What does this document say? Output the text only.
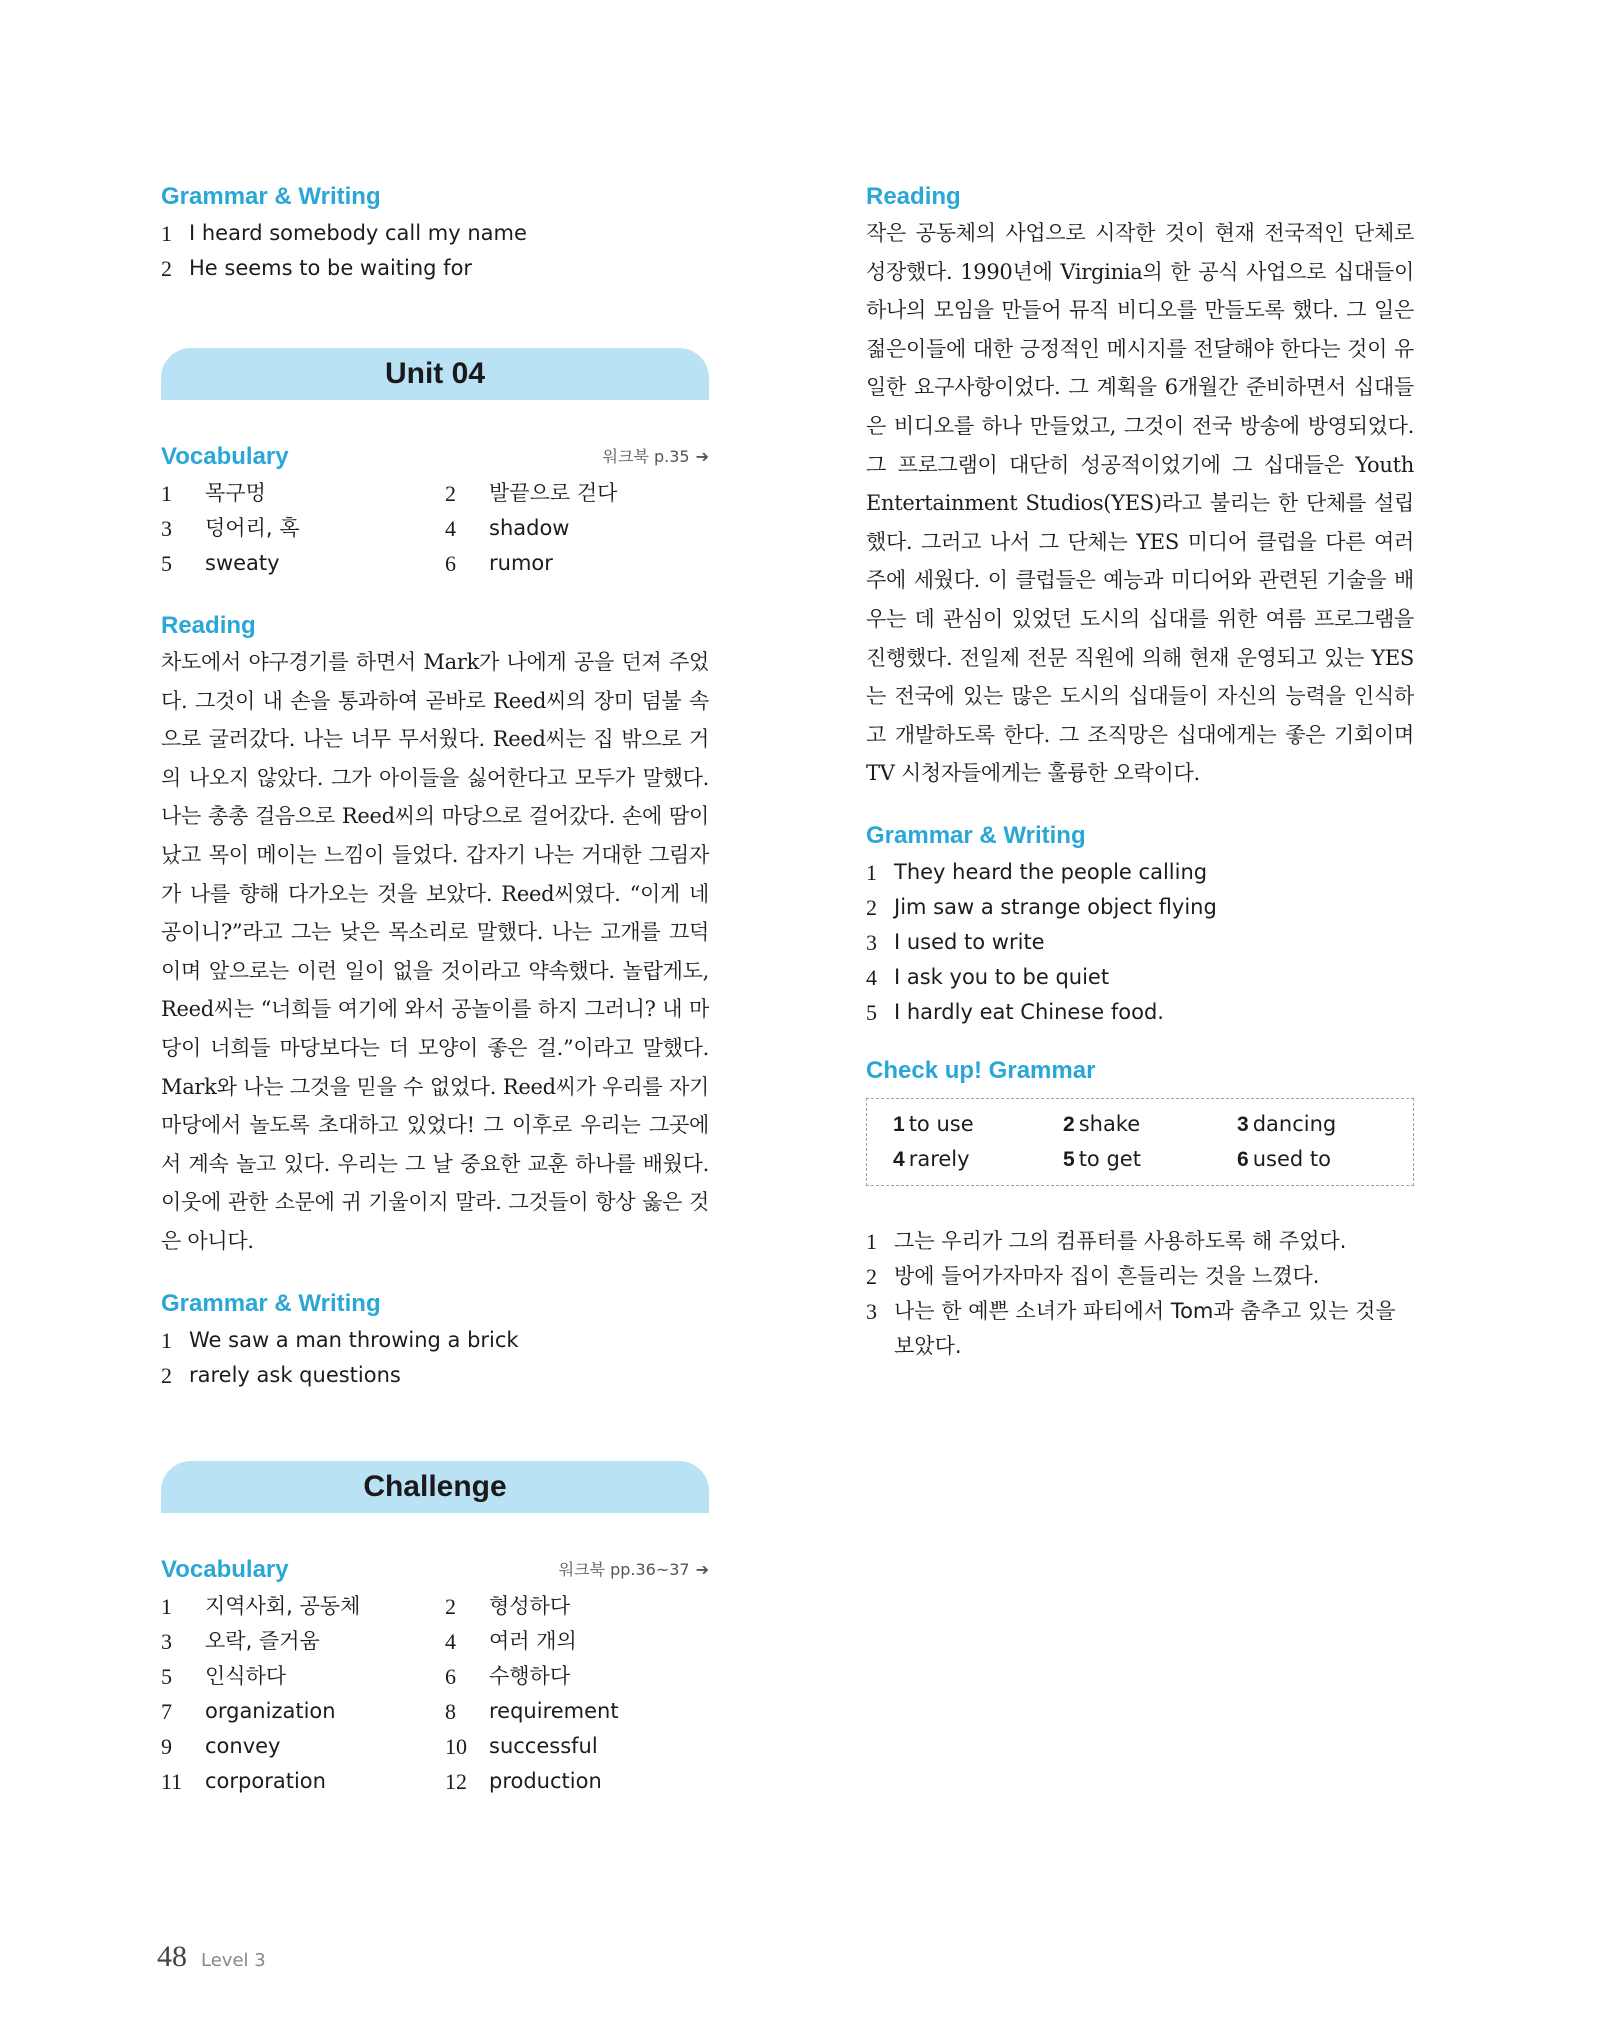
Grammar & Writing
1 I heard somebody call my name
2 He seems to be waiting for
Unit 04
Vocabulary	워크북 p.35 ➔
1	목구멍	2	발끝으로 걷다
3	덩어리, 혹	4	shadow
5	sweaty	6	rumor
Reading

차도에서 야구경기를 하면서 Mark가 나에게 공을 던져 주었다. 그것이 내 손을 통과하여 곧바로 Reed씨의 장미 덤불 속으로 굴러갔다. 나는 너무 무서웠다. Reed씨는 집 밖으로 거의 나오지 않았다. 그가 아이들을 싫어한다고 모두가 말했다. 나는 총총 걸음으로 Reed씨의 마당으로 걸어갔다. 손에 땀이 났고 목이 메이는 느낌이 들었다. 갑자기 나는 거대한 그림자가 나를 향해 다가오는 것을 보았다. Reed씨였다. “이게 네 공이니?”라고 그는 낮은 목소리로 말했다. 나는 고개를 끄덕이며 앞으로는 이런 일이 없을 것이라고 약속했다. 놀랍게도, Reed씨는 “너희들 여기에 와서 공놀이를 하지 그러니? 내 마당이 너희들 마당보다는 더 모양이 좋은 걸.”이라고 말했다. Mark와 나는 그것을 믿을 수 없었다. Reed씨가 우리를 자기 마당에서 놀도록 초대하고 있었다! 그 이후로 우리는 그곳에서 계속 놀고 있다. 우리는 그 날 중요한 교훈 하나를 배웠다. 이웃에 관한 소문에 귀 기울이지 말라. 그것들이 항상 옳은 것은 아니다.

Grammar & Writing
1 We saw a man throwing a brick
2 rarely ask questions
Challenge
Vocabulary	워크북 pp.36~37 ➔
1	지역사회, 공동체	2	형성하다
3	오락, 즐거움	4	여러 개의
5	인식하다	6	수행하다
7	organization	8	requirement
9	convey	10	successful
11	corporation	12	production
Reading

작은 공동체의 사업으로 시작한 것이 현재 전국적인 단체로 성장했다. 1990년에 Virginia의 한 공식 사업으로 십대들이 하나의 모임을 만들어 뮤직 비디오를 만들도록 했다. 그 일은 젊은이들에 대한 긍정적인 메시지를 전달해야 한다는 것이 유일한 요구사항이었다. 그 계획을 6개월간 준비하면서 십대들은 비디오를 하나 만들었고, 그것이 전국 방송에 방영되었다. 그 프로그램이 대단히 성공적이었기에 그 십대들은 Youth Entertainment Studios(YES)라고 불리는 한 단체를 설립했다. 그러고 나서 그 단체는 YES 미디어 클럽을 다른 여러 주에 세웠다. 이 클럽들은 예능과 미디어와 관련된 기술을 배우는 데 관심이 있었던 도시의 십대를 위한 여름 프로그램을 진행했다. 전일제 전문 직원에 의해 현재 운영되고 있는 YES는 전국에 있는 많은 도시의 십대들이 자신의 능력을 인식하고 개발하도록 한다. 그 조직망은 십대에게는 좋은 기회이며 TV 시청자들에게는 훌륭한 오락이다.

Grammar & Writing
1 They heard the people calling
2 Jim saw a strange object flying
3 I used to write
4 I ask you to be quiet
5 I hardly eat Chinese food.
Check up! Grammar
1 to use	2 shake	3 dancing
4 rarely	5 to get	6 used to
1 그는 우리가 그의 컴퓨터를 사용하도록 해 주었다.
2 방에 들어가자마자 집이 흔들리는 것을 느꼈다.
3 나는 한 예쁜 소녀가 파티에서 Tom과 춤추고 있는 것을 보았다.
48 Level 3
